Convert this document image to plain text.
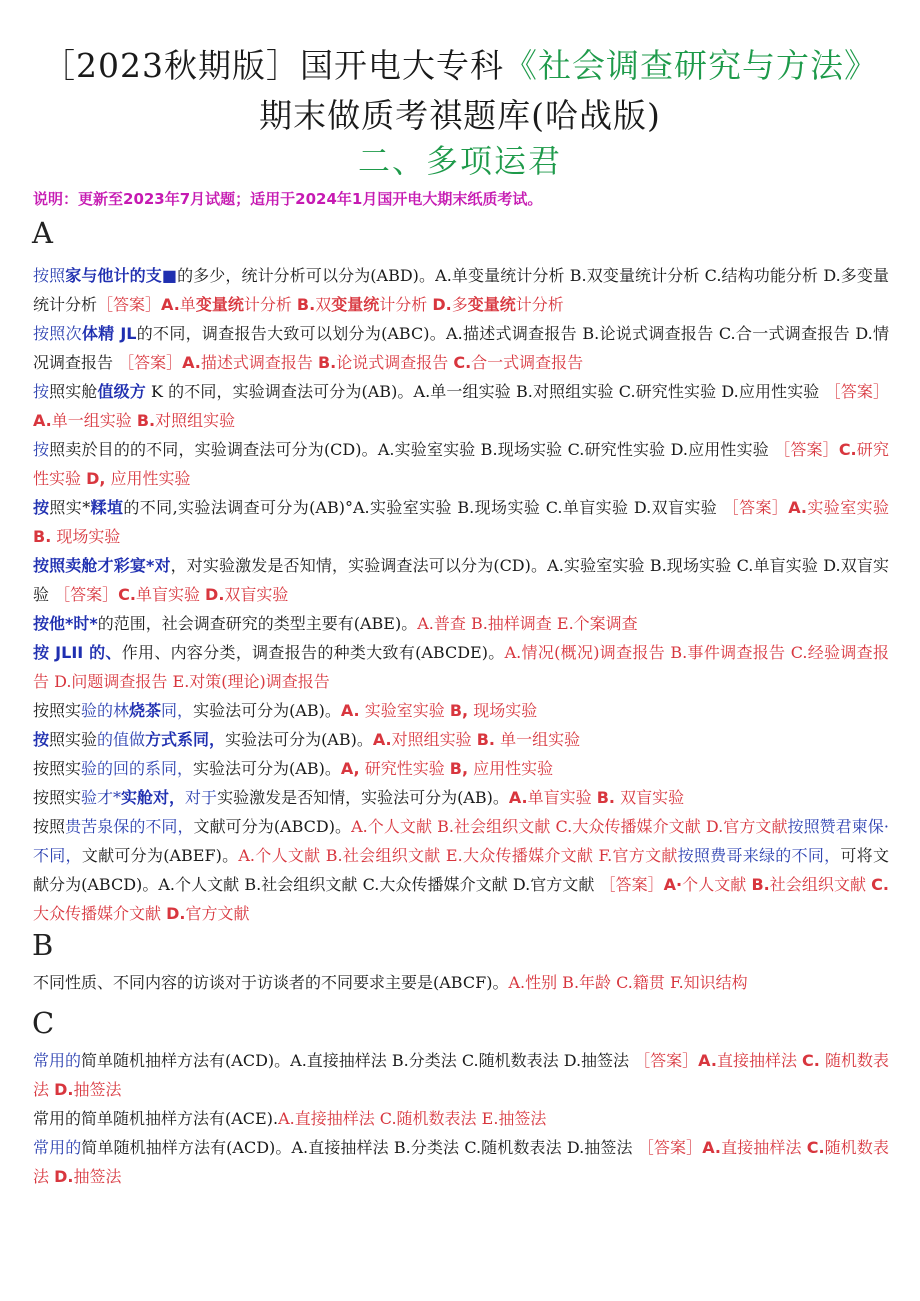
［2023秋期版］国开电大专科《社会调查研究与方法》
期末做质考祺题库(哈战版)
二、多项运君
说明：更新至2023年7月试题；适用于2024年1月国开电大期末纸质考试。
A

按照家与他计的支■的多少，统计分析可以分为(ABD)。A.单变量统计分析 B.双变量统计分析 C.结构功能分析 D.多变量统计分析［答案］A.单变量统计分析 B.双变量统计分析 D.多变量统计分析

按照次体精 JL的不同，调查报告大致可以划分为(ABC)。A.描述式调查报告 B.论说式调查报告 C.合一式调查报告 D.情况调查报告 ［答案］A.描述式调查报告 B.论说式调查报告 C.合一式调查报告

按照实舱值级方 K 的不同，实验调查法可分为(AB)。A.单一组实验 B.对照组实验 C.研究性实验 D.应用性实验 ［答案］A.单一组实验 B.对照组实验

按照卖於目的的不同，实验调查法可分为(CD)。A.实验室实验 B.现场实验 C.研究性实验 D.应用性实验 ［答案］C.研究性实验 D, 应用性实验

按照实*糅埴的不同,实验法调查可分为(AB)°A.实验室实验 B.现场实验 C.单盲实验 D.双盲实验 ［答案］A.实验室实验 B. 现场实验

按照卖舱才彩宴*对，对实验激发是否知情，实验调查法可以分为(CD)。A.实验室实验 B.现场实验 C.单盲实验 D.双盲实验 ［答案］C.单盲实验 D.双盲实验

按他*时*的范围，社会调查研究的类型主要有(ABE)。A.普查 B.抽样调查 E.个案调查

按 JLII 的、作用、内容分类，调查报告的种类大致有(ABCDE)。A.情况(概况)调查报告 B.事件调查报告 C.经验调查报告 D.问题调查报告 E.对策(理论)调查报告

按照实验的林烧茶同，实验法可分为(AB)。A. 实验室实验 B, 现场实验

按照实验的值做方式系同，实验法可分为(AB)。A.对照组实验 B. 单一组实验

按照实验的回的系同，实验法可分为(AB)。A, 研究性实验 B, 应用性实验

按照实验才*实舱对，对于实验激发是否知情，实验法可分为(AB)。A.单盲实验 B. 双盲实验

按照贵苦泉保的不同，文献可分为(ABCD)。A.个人文献 B.社会组织文献 C.大众传播媒介文献 D.官方文献按照赞君柬保·不同，文献可分为(ABEF)。A.个人文献 B.社会组织文献 E.大众传播媒介文献 F.官方文献按照费哥来绿的不同，可将文献分为(ABCD)。A.个人文献 B.社会组织文献 C.大众传播媒介文献 D.官方文献 ［答案］A·个人文献 B.社会组织文献 C.大众传播媒介文献 D.官方文献

B

不同性质、不同内容的访谈对于访谈者的不同要求主要是(ABCF)。A.性别 B.年龄 C.籍贯 F.知识结构

C

常用的简单随机抽样方法有(ACD)。A.直接抽样法 B.分类法 C.随机数表法 D.抽签法 ［答案］A.直接抽样法 C. 随机数表法 D.抽签法

常用的简单随机抽样方法有(ACE).A.直接抽样法 C.随机数表法 E.抽签法

常用的简单随机抽样方法有(ACD)。A.直接抽样法 B.分类法 C.随机数表法 D.抽签法 ［答案］A.直接抽样法 C.随机数表法 D.抽签法
